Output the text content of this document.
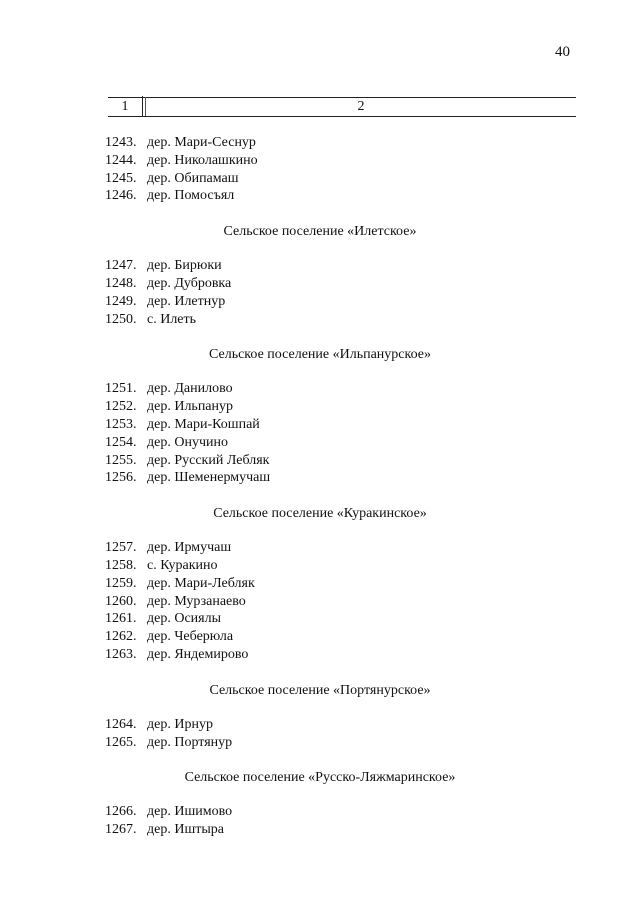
40
1	2
1243. дер. Мари-Сеснур
1244. дер. Николашкино
1245. дер. Обипамаш
1246. дер. Помосъял
Сельское поселение «Илетское»
1247. дер. Бирюки
1248. дер. Дубровка
1249. дер. Илетнур
1250. с. Илеть
Сельское поселение «Ильпанурское»
1251. дер. Данилово
1252. дер. Ильпанур
1253. дер. Мари-Кошпай
1254. дер. Онучино
1255. дер. Русский Лебляк
1256. дер. Шеменермучаш
Сельское поселение «Куракинское»
1257. дер. Ирмучаш
1258. с. Куракино
1259. дер. Мари-Лебляк
1260. дер. Мурзанаево
1261. дер. Осиялы
1262. дер. Чеберюла
1263. дер. Яндемирово
Сельское поселение «Портянурское»
1264. дер. Ирнур
1265. дер. Портянур
Сельское поселение «Русско-Ляжмаринское»
1266. дер. Ишимово
1267. дер. Иштыра
